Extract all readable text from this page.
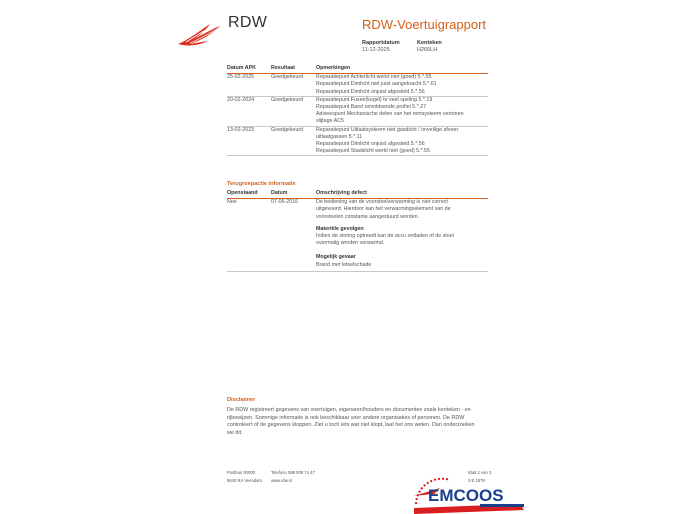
RDW	RDW-Voertuigrapport
Rapportdatum
11-12-2025
Kenteken
H266LH
Datum APK	Resultaat	Opmerkingen
25-02-2025	Goedgekeurd	Reparatiepunt Achterlicht werkt niet (goed) 5.*.55
Reparatiepunt Dimlicht niet juist aangebracht 5.*.61
Reparatiepunt Dimlicht onjuist afgesteld 5.*.56
20-02-2024	Goedgekeurd	Reparatiepunt Fusee(kogel) te veel speling 5.*.19
Reparatiepunt Band onvoldoende profiel 5.*.27
Advieespunt Mechanische delen van het remsysteem vertonen
slijtage AC5
13-02-2023	Goedgekeurd	Reparatiepunt Uitlaatsysteem niet gasdicht / onveilige afvoer
uitlaatgassen 5.*.11
Reparatiepunt Dimlicht onjuist afgesteld 5.*.56
Reparatiepunt Stadslicht werkt niet (goed) 5.*.55
Terugroepactie informatie
Openstaand	Datum	Omschrijving defect
Nee	07-06-2016	De bediening van de voorstoelverwarming is niet correct
uitgevoerd. Hierdoor kan het verwarmingselement van de
voorstoelen constante aangestuurd worden.
Materiële gevolgen
Indien de storing optreedt kan de accu ontladen of de stoel
overmatig worden verwarmd.
Mogelijk gevaar
Brand met letselschade
Disclaimer
De RDW registreert gegevens van voertuigen, eigenaren/houders en documenten zoals kenteken - en
rijbewijzen. Sommige informatie is ook beschikbaar voor andere organisaties of personen. De RDW
controleert of de gegevens kloppen. Ziet u toch iets wat niet klopt, laat het ons weten. Dan onderzoeken
we dit.
Postbus 30000
9640 RA Veendam
Telefoon 088 008 74 47
www.rdw.nl
Blad 2 van 3
3 E 1879
EMCOOS
